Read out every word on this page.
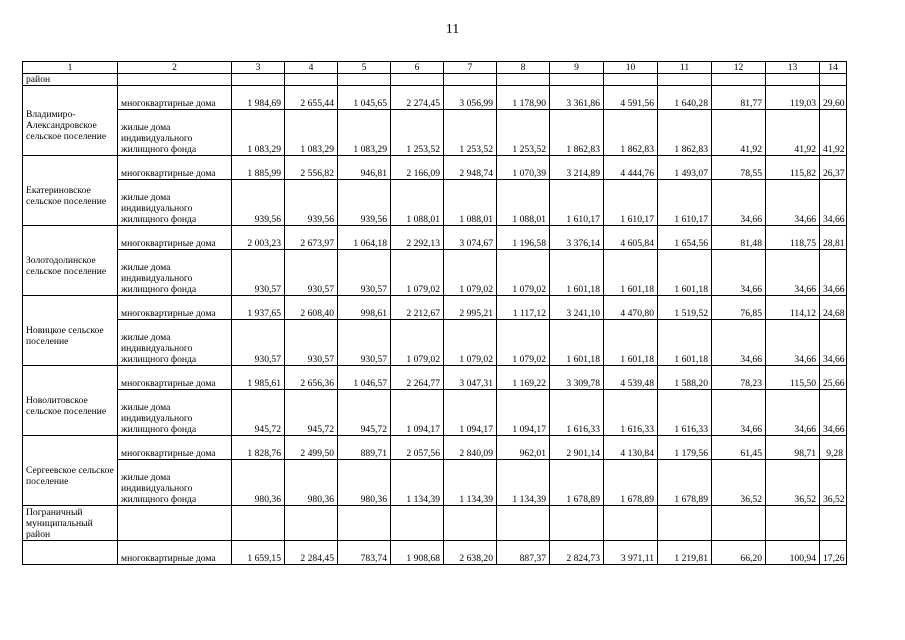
11
1	2	3	4	5	6	7	8	9	10	11	12	13	14
район													
Владимиро-Александровское сельское поселение	многоквартирные дома	1 984,69	2 655,44	1 045,65	2 274,45	3 056,99	1 178,90	3 361,86	4 591,56	1 640,28	81,77	119,03	29,60
	жилые дома индивидуального жилищного фонда	1 083,29	1 083,29	1 083,29	1 253,52	1 253,52	1 253,52	1 862,83	1 862,83	1 862,83	41,92	41,92	41,92
Екатериновское сельское поселение	многоквартирные дома	1 885,99	2 556,82	946,81	2 166,09	2 948,74	1 070,39	3 214,89	4 444,76	1 493,07	78,55	115,82	26,37
	жилые дома индивидуального жилищного фонда	939,56	939,56	939,56	1 088,01	1 088,01	1 088,01	1 610,17	1 610,17	1 610,17	34,66	34,66	34,66
Золотодолинское сельское поселение	многоквартирные дома	2 003,23	2 673,97	1 064,18	2 292,13	3 074,67	1 196,58	3 376,14	4 605,84	1 654,56	81,48	118,75	28,81
	жилые дома индивидуального жилищного фонда	930,57	930,57	930,57	1 079,02	1 079,02	1 079,02	1 601,18	1 601,18	1 601,18	34,66	34,66	34,66
Новицкое сельское поселение	многоквартирные дома	1 937,65	2 608,40	998,61	2 212,67	2 995,21	1 117,12	3 241,10	4 470,80	1 519,52	76,85	114,12	24,68
	жилые дома индивидуального жилищного фонда	930,57	930,57	930,57	1 079,02	1 079,02	1 079,02	1 601,18	1 601,18	1 601,18	34,66	34,66	34,66
Новолитовское сельское поселение	многоквартирные дома	1 985,61	2 656,36	1 046,57	2 264,77	3 047,31	1 169,22	3 309,78	4 539,48	1 588,20	78,23	115,50	25,66
	жилые дома индивидуального жилищного фонда	945,72	945,72	945,72	1 094,17	1 094,17	1 094,17	1 616,33	1 616,33	1 616,33	34,66	34,66	34,66
Сергеевское сельское поселение	многоквартирные дома	1 828,76	2 499,50	889,71	2 057,56	2 840,09	962,01	2 901,14	4 130,84	1 179,56	61,45	98,71	9,28
	жилые дома индивидуального жилищного фонда	980,36	980,36	980,36	1 134,39	1 134,39	1 134,39	1 678,89	1 678,89	1 678,89	36,52	36,52	36,52
Пограничный муниципальный район													
	многоквартирные дома	1 659,15	2 284,45	783,74	1 908,68	2 638,20	887,37	2 824,73	3 971,11	1 219,81	66,20	100,94	17,26
